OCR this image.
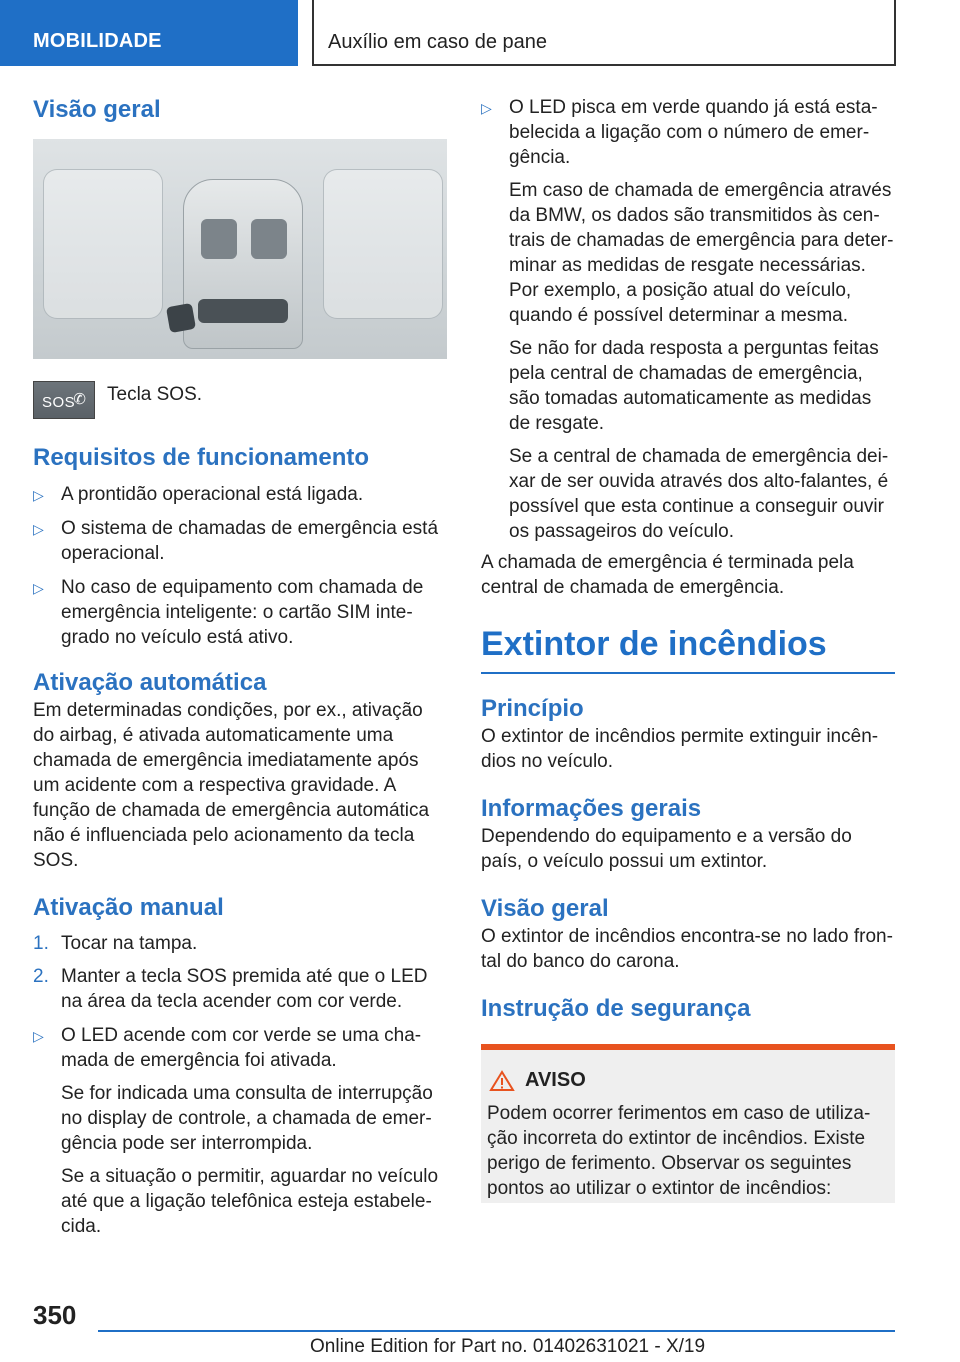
MOBILIDADE	Auxílio em caso de pane
Visão geral
✆
SOS Tecla SOS.
Requisitos de funcionamento
▷ A prontidão operacional está ligada.
▷ O sistema de chamadas de emergência está operacional.
▷ No caso de equipamento com chamada de emergência inteligente: o cartão SIM integrado no veículo está ativo.
Ativação automática

Em determinadas condições, por ex., ativação do airbag, é ativada automaticamente uma chamada de emergência imediatamente após um acidente com a respectiva gravidade. A função de chamada de emergência automática não é influenciada pelo acionamento da tecla SOS.

Ativação manual
1. Tocar na tampa.
2. Manter a tecla SOS premida até que o LED na área da tecla acender com cor verde.
▷ O LED acende com cor verde se uma chamada de emergência foi ativada.

Se for indicada uma consulta de interrupção no display de controle, a chamada de emergência pode ser interrompida.

Se a situação o permitir, aguardar no veículo até que a ligação telefônica esteja estabelecida.

▷ O LED pisca em verde quando já está estabelecida a ligação com o número de emergência.

Em caso de chamada de emergência através da BMW, os dados são transmitidos às centrais de chamadas de emergência para determinar as medidas de resgate necessárias. Por exemplo, a posição atual do veículo, quando é possível determinar a mesma.

Se não for dada resposta a perguntas feitas pela central de chamadas de emergência, são tomadas automaticamente as medidas de resgate.

Se a central de chamada de emergência deixar de ser ouvida através dos alto-falantes, é possível que esta continue a conseguir ouvir os passageiros do veículo.

A chamada de emergência é terminada pela central de chamada de emergência.

Extintor de incêndios
Princípio

O extintor de incêndios permite extinguir incêndios no veículo.

Informações gerais

Dependendo do equipamento e a versão do país, o veículo possui um extintor.

Visão geral

O extintor de incêndios encontra-se no lado frontal do banco do carona.

Instrução de segurança
AVISO

Podem ocorrer ferimentos em caso de utilização incorreta do extintor de incêndios. Existe perigo de ferimento. Observar os seguintes pontos ao utilizar o extintor de incêndios:

350
Online Edition for Part no. 01402631021 - X/19
